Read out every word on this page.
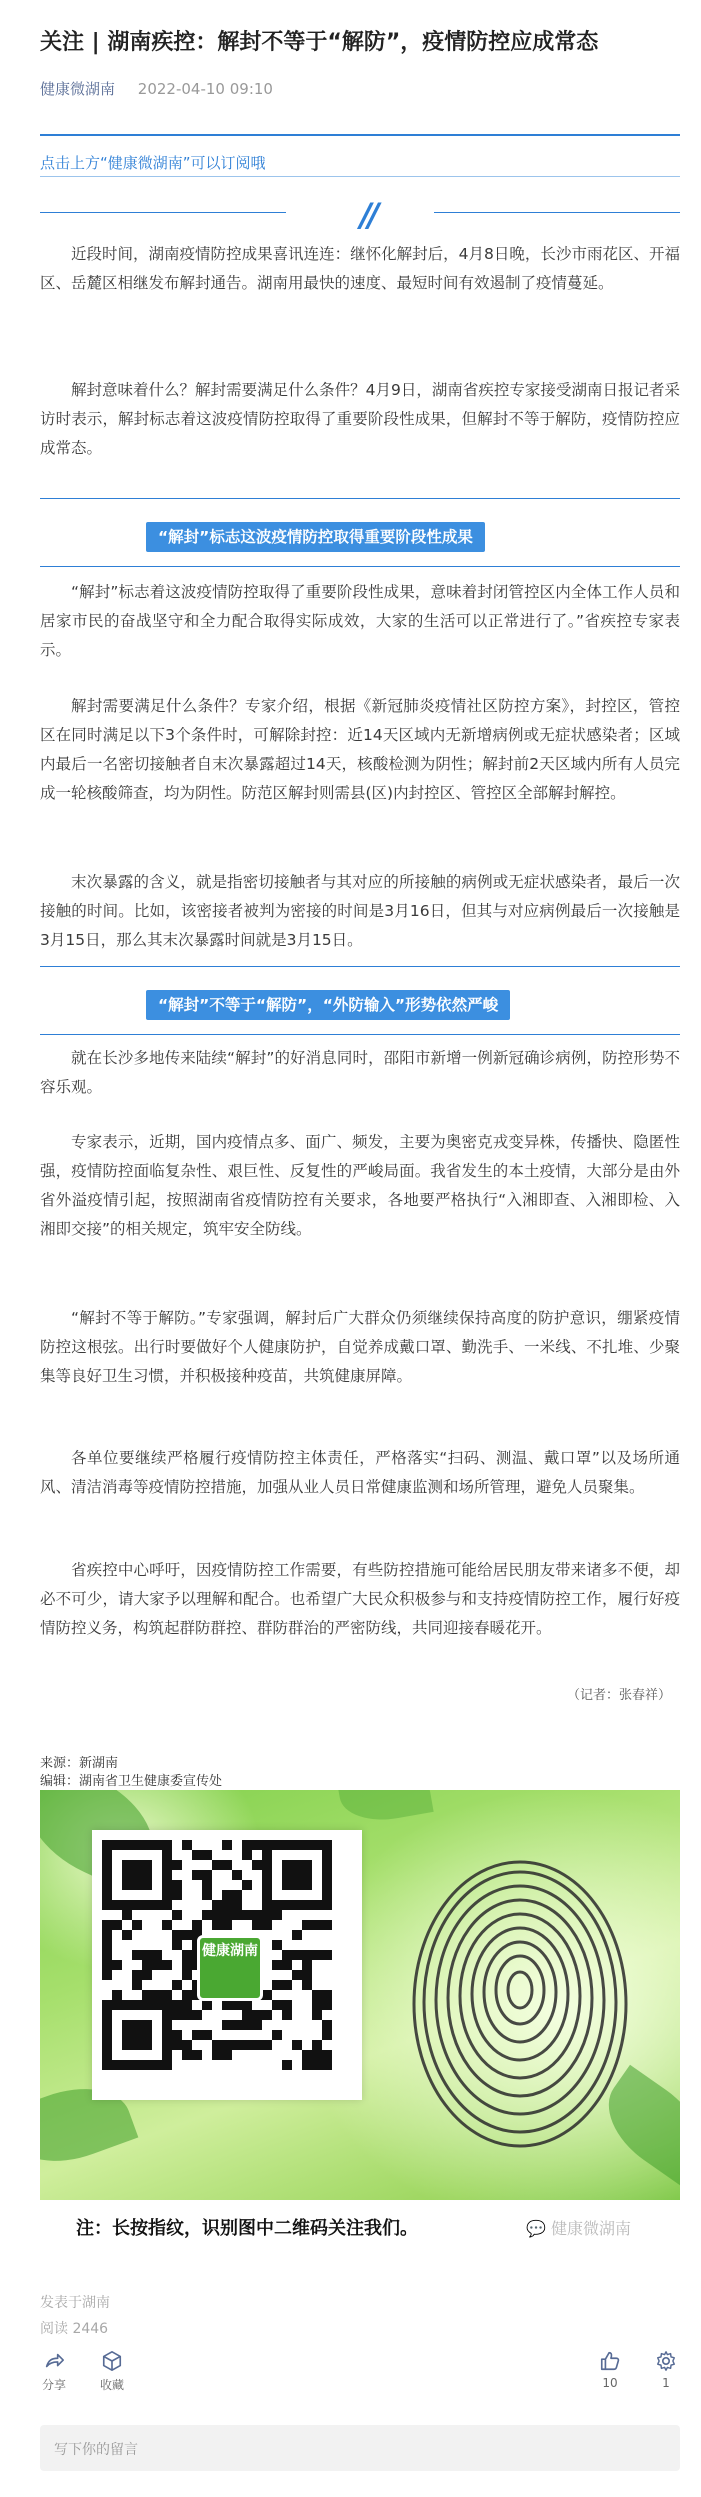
关注 | 湖南疾控：解封不等于“解防”，疫情防控应成常态
健康微湖南 2022-04-10 09:10
点击上方“健康微湖南”可以订阅哦
//
近段时间，湖南疫情防控成果喜讯连连：继怀化解封后，4月8日晚，长沙市雨花区、开福区、岳麓区相继发布解封通告。湖南用最快的速度、最短时间有效遏制了疫情蔓延。
解封意味着什么？解封需要满足什么条件？4月9日，湖南省疾控专家接受湖南日报记者采访时表示，解封标志着这波疫情防控取得了重要阶段性成果，但解封不等于解防，疫情防控应成常态。
“解封”标志这波疫情防控取得重要阶段性成果
“解封”标志着这波疫情防控取得了重要阶段性成果，意味着封闭管控区内全体工作人员和居家市民的奋战坚守和全力配合取得实际成效，大家的生活可以正常进行了。”省疾控专家表示。
解封需要满足什么条件？专家介绍，根据《新冠肺炎疫情社区防控方案》，封控区，管控区在同时满足以下3个条件时，可解除封控：近14天区域内无新增病例或无症状感染者；区域内最后一名密切接触者自末次暴露超过14天，核酸检测为阴性；解封前2天区域内所有人员完成一轮核酸筛查，均为阴性。防范区解封则需县(区)内封控区、管控区全部解封解控。
末次暴露的含义，就是指密切接触者与其对应的所接触的病例或无症状感染者，最后一次接触的时间。比如，该密接者被判为密接的时间是3月16日，但其与对应病例最后一次接触是3月15日，那么其末次暴露时间就是3月15日。
“解封”不等于“解防”，“外防输入”形势依然严峻
就在长沙多地传来陆续“解封”的好消息同时，邵阳市新增一例新冠确诊病例，防控形势不容乐观。
专家表示，近期，国内疫情点多、面广、频发，主要为奥密克戎变异株，传播快、隐匿性强，疫情防控面临复杂性、艰巨性、反复性的严峻局面。我省发生的本土疫情，大部分是由外省外溢疫情引起，按照湖南省疫情防控有关要求，各地要严格执行“入湘即查、入湘即检、入湘即交接”的相关规定，筑牢安全防线。
“解封不等于解防。”专家强调，解封后广大群众仍须继续保持高度的防护意识，绷紧疫情防控这根弦。出行时要做好个人健康防护，自觉养成戴口罩、勤洗手、一米线、不扎堆、少聚集等良好卫生习惯，并积极接种疫苗，共筑健康屏障。
各单位要继续严格履行疫情防控主体责任，严格落实“扫码、测温、戴口罩”以及场所通风、清洁消毒等疫情防控措施，加强从业人员日常健康监测和场所管理，避免人员聚集。
省疾控中心呼吁，因疫情防控工作需要，有些防控措施可能给居民朋友带来诸多不便，却必不可少，请大家予以理解和配合。也希望广大民众积极参与和支持疫情防控工作，履行好疫情防控义务，构筑起群防群控、群防群治的严密防线，共同迎接春暖花开。
（记者：张春祥）
来源：新湖南
编辑：湖南省卫生健康委宣传处
健康湖南
注：长按指纹，识别图中二维码关注我们。	💬 健康微湖南
发表于湖南
阅读 2446
分享	收藏	10	1
写下你的留言
